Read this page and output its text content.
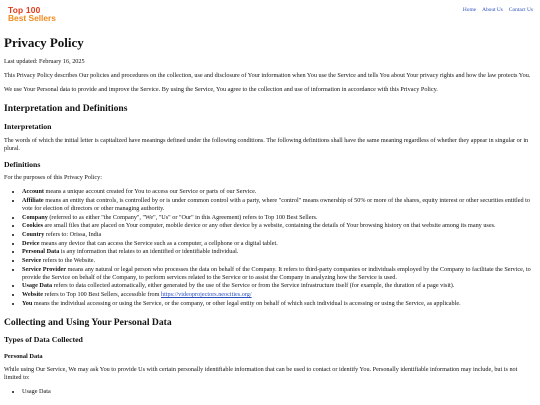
Top 100
Best Sellers
Home About Us Contact Us
Privacy Policy

Last updated: February 16, 2025

This Privacy Policy describes Our policies and procedures on the collection, use and disclosure of Your information when You use the Service and tells You about Your privacy rights and how the law protects You.

We use Your Personal data to provide and improve the Service. By using the Service, You agree to the collection and use of information in accordance with this Privacy Policy.

Interpretation and Definitions
Interpretation

The words of which the initial letter is capitalized have meanings defined under the following conditions. The following definitions shall have the same meaning regardless of whether they appear in singular or in plural.

Definitions

For the purposes of this Privacy Policy:

• Account means a unique account created for You to access our Service or parts of our Service.
• Affiliate means an entity that controls, is controlled by or is under common control with a party, where "control" means ownership of 50% or more of the shares, equity interest or other securities entitled to vote for election of directors or other managing authority.
• Company (referred to as either "the Company", "We", "Us" or "Our" in this Agreement) refers to Top 100 Best Sellers.
• Cookies are small files that are placed on Your computer, mobile device or any other device by a website, containing the details of Your browsing history on that website among its many uses.
• Country refers to: Orissa, India
• Device means any device that can access the Service such as a computer, a cellphone or a digital tablet.
• Personal Data is any information that relates to an identified or identifiable individual.
• Service refers to the Website.
• Service Provider means any natural or legal person who processes the data on behalf of the Company. It refers to third-party companies or individuals employed by the Company to facilitate the Service, to provide the Service on behalf of the Company, to perform services related to the Service or to assist the Company in analyzing how the Service is used.
• Usage Data refers to data collected automatically, either generated by the use of the Service or from the Service infrastructure itself (for example, the duration of a page visit).
• Website refers to Top 100 Best Sellers, accessible from https://videoprojectors.neocities.org/
• You means the individual accessing or using the Service, or the company, or other legal entity on behalf of which such individual is accessing or using the Service, as applicable.
Collecting and Using Your Personal Data
Types of Data Collected
Personal Data

While using Our Service, We may ask You to provide Us with certain personally identifiable information that can be used to contact or identify You. Personally identifiable information may include, but is not limited to:

• Usage Data
